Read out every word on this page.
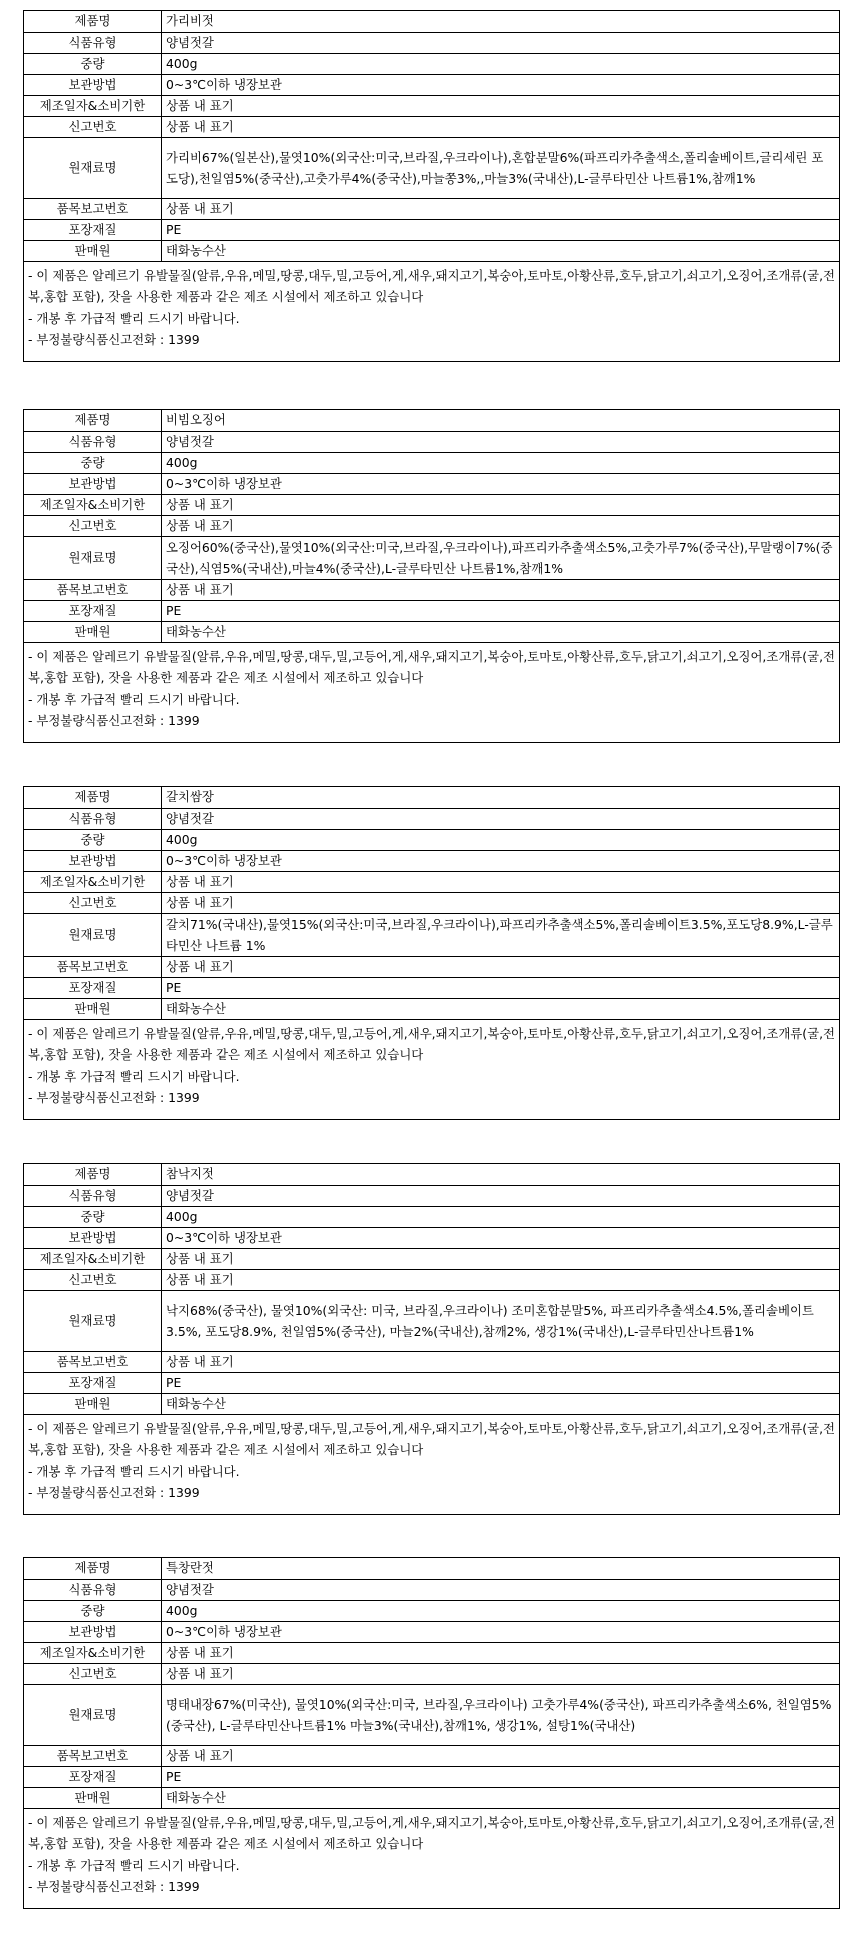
제품명	가리비젓
식품유형	양념젓갈
중량	400g
보관방법	0~3℃이하 냉장보관
제조일자&소비기한	상품 내 표기
신고번호	상품 내 표기
원재료명	가리비67%(일본산),물엿10%(외국산:미국,브라질,우크라이나),혼합분말6%(파프리카추출색소,폴리솔베이트,글리세린 포도당),천일염5%(중국산),고춧가루4%(중국산),마늘쫑3%,,마늘3%(국내산),L-글루타민산 나트륨1%,참깨1%
품목보고번호	상품 내 표기
포장재질	PE
판매원	태화농수산
- 이 제품은 알레르기 유발물질(알류,우유,메밀,땅콩,대두,밀,고등어,게,새우,돼지고기,복숭아,토마토,아황산류,호두,닭고기,쇠고기,오징어,조개류(굴,전복,홍합 포함), 잣을 사용한 제품과 같은 제조 시설에서 제조하고 있습니다
- 개봉 후 가급적 빨리 드시기 바랍니다.
- 부정불량식품신고전화 : 1399
제품명	비빔오징어
식품유형	양념젓갈
중량	400g
보관방법	0~3℃이하 냉장보관
제조일자&소비기한	상품 내 표기
신고번호	상품 내 표기
원재료명	오징어60%(중국산),물엿10%(외국산:미국,브라질,우크라이나),파프리카추출색소5%,고춧가루7%(중국산),무말랭이7%(중국산),식염5%(국내산),마늘4%(중국산),L-글루타민산 나트륨1%,참깨1%
품목보고번호	상품 내 표기
포장재질	PE
판매원	태화농수산
- 이 제품은 알레르기 유발물질(알류,우유,메밀,땅콩,대두,밀,고등어,게,새우,돼지고기,복숭아,토마토,아황산류,호두,닭고기,쇠고기,오징어,조개류(굴,전복,홍합 포함), 잣을 사용한 제품과 같은 제조 시설에서 제조하고 있습니다
- 개봉 후 가급적 빨리 드시기 바랍니다.
- 부정불량식품신고전화 : 1399
제품명	갈치쌈장
식품유형	양념젓갈
중량	400g
보관방법	0~3℃이하 냉장보관
제조일자&소비기한	상품 내 표기
신고번호	상품 내 표기
원재료명	갈치71%(국내산),물엿15%(외국산:미국,브라질,우크라이나),파프리카추출색소5%,폴리솔베이트3.5%,포도당8.9%,L-글루타민산 나트륨 1%
품목보고번호	상품 내 표기
포장재질	PE
판매원	태화농수산
- 이 제품은 알레르기 유발물질(알류,우유,메밀,땅콩,대두,밀,고등어,게,새우,돼지고기,복숭아,토마토,아황산류,호두,닭고기,쇠고기,오징어,조개류(굴,전복,홍합 포함), 잣을 사용한 제품과 같은 제조 시설에서 제조하고 있습니다
- 개봉 후 가급적 빨리 드시기 바랍니다.
- 부정불량식품신고전화 : 1399
제품명	참낙지젓
식품유형	양념젓갈
중량	400g
보관방법	0~3℃이하 냉장보관
제조일자&소비기한	상품 내 표기
신고번호	상품 내 표기
원재료명	낙지68%(중국산), 물엿10%(외국산: 미국, 브라질,우크라이나) 조미혼합분말5%, 파프리카추출색소4.5%,폴리솔베이트3.5%, 포도당8.9%, 천일염5%(중국산), 마늘2%(국내산),참깨2%, 생강1%(국내산),L-글루타민산나트륨1%
품목보고번호	상품 내 표기
포장재질	PE
판매원	태화농수산
- 이 제품은 알레르기 유발물질(알류,우유,메밀,땅콩,대두,밀,고등어,게,새우,돼지고기,복숭아,토마토,아황산류,호두,닭고기,쇠고기,오징어,조개류(굴,전복,홍합 포함), 잣을 사용한 제품과 같은 제조 시설에서 제조하고 있습니다
- 개봉 후 가급적 빨리 드시기 바랍니다.
- 부정불량식품신고전화 : 1399
제품명	특창란젓
식품유형	양념젓갈
중량	400g
보관방법	0~3℃이하 냉장보관
제조일자&소비기한	상품 내 표기
신고번호	상품 내 표기
원재료명	명태내장67%(미국산), 물엿10%(외국산:미국, 브라질,우크라이나) 고춧가루4%(중국산), 파프리카추출색소6%, 천일염5%(중국산), L-글루타민산나트륨1% 마늘3%(국내산),참깨1%, 생강1%, 설탕1%(국내산)
품목보고번호	상품 내 표기
포장재질	PE
판매원	태화농수산
- 이 제품은 알레르기 유발물질(알류,우유,메밀,땅콩,대두,밀,고등어,게,새우,돼지고기,복숭아,토마토,아황산류,호두,닭고기,쇠고기,오징어,조개류(굴,전복,홍합 포함), 잣을 사용한 제품과 같은 제조 시설에서 제조하고 있습니다
- 개봉 후 가급적 빨리 드시기 바랍니다.
- 부정불량식품신고전화 : 1399
